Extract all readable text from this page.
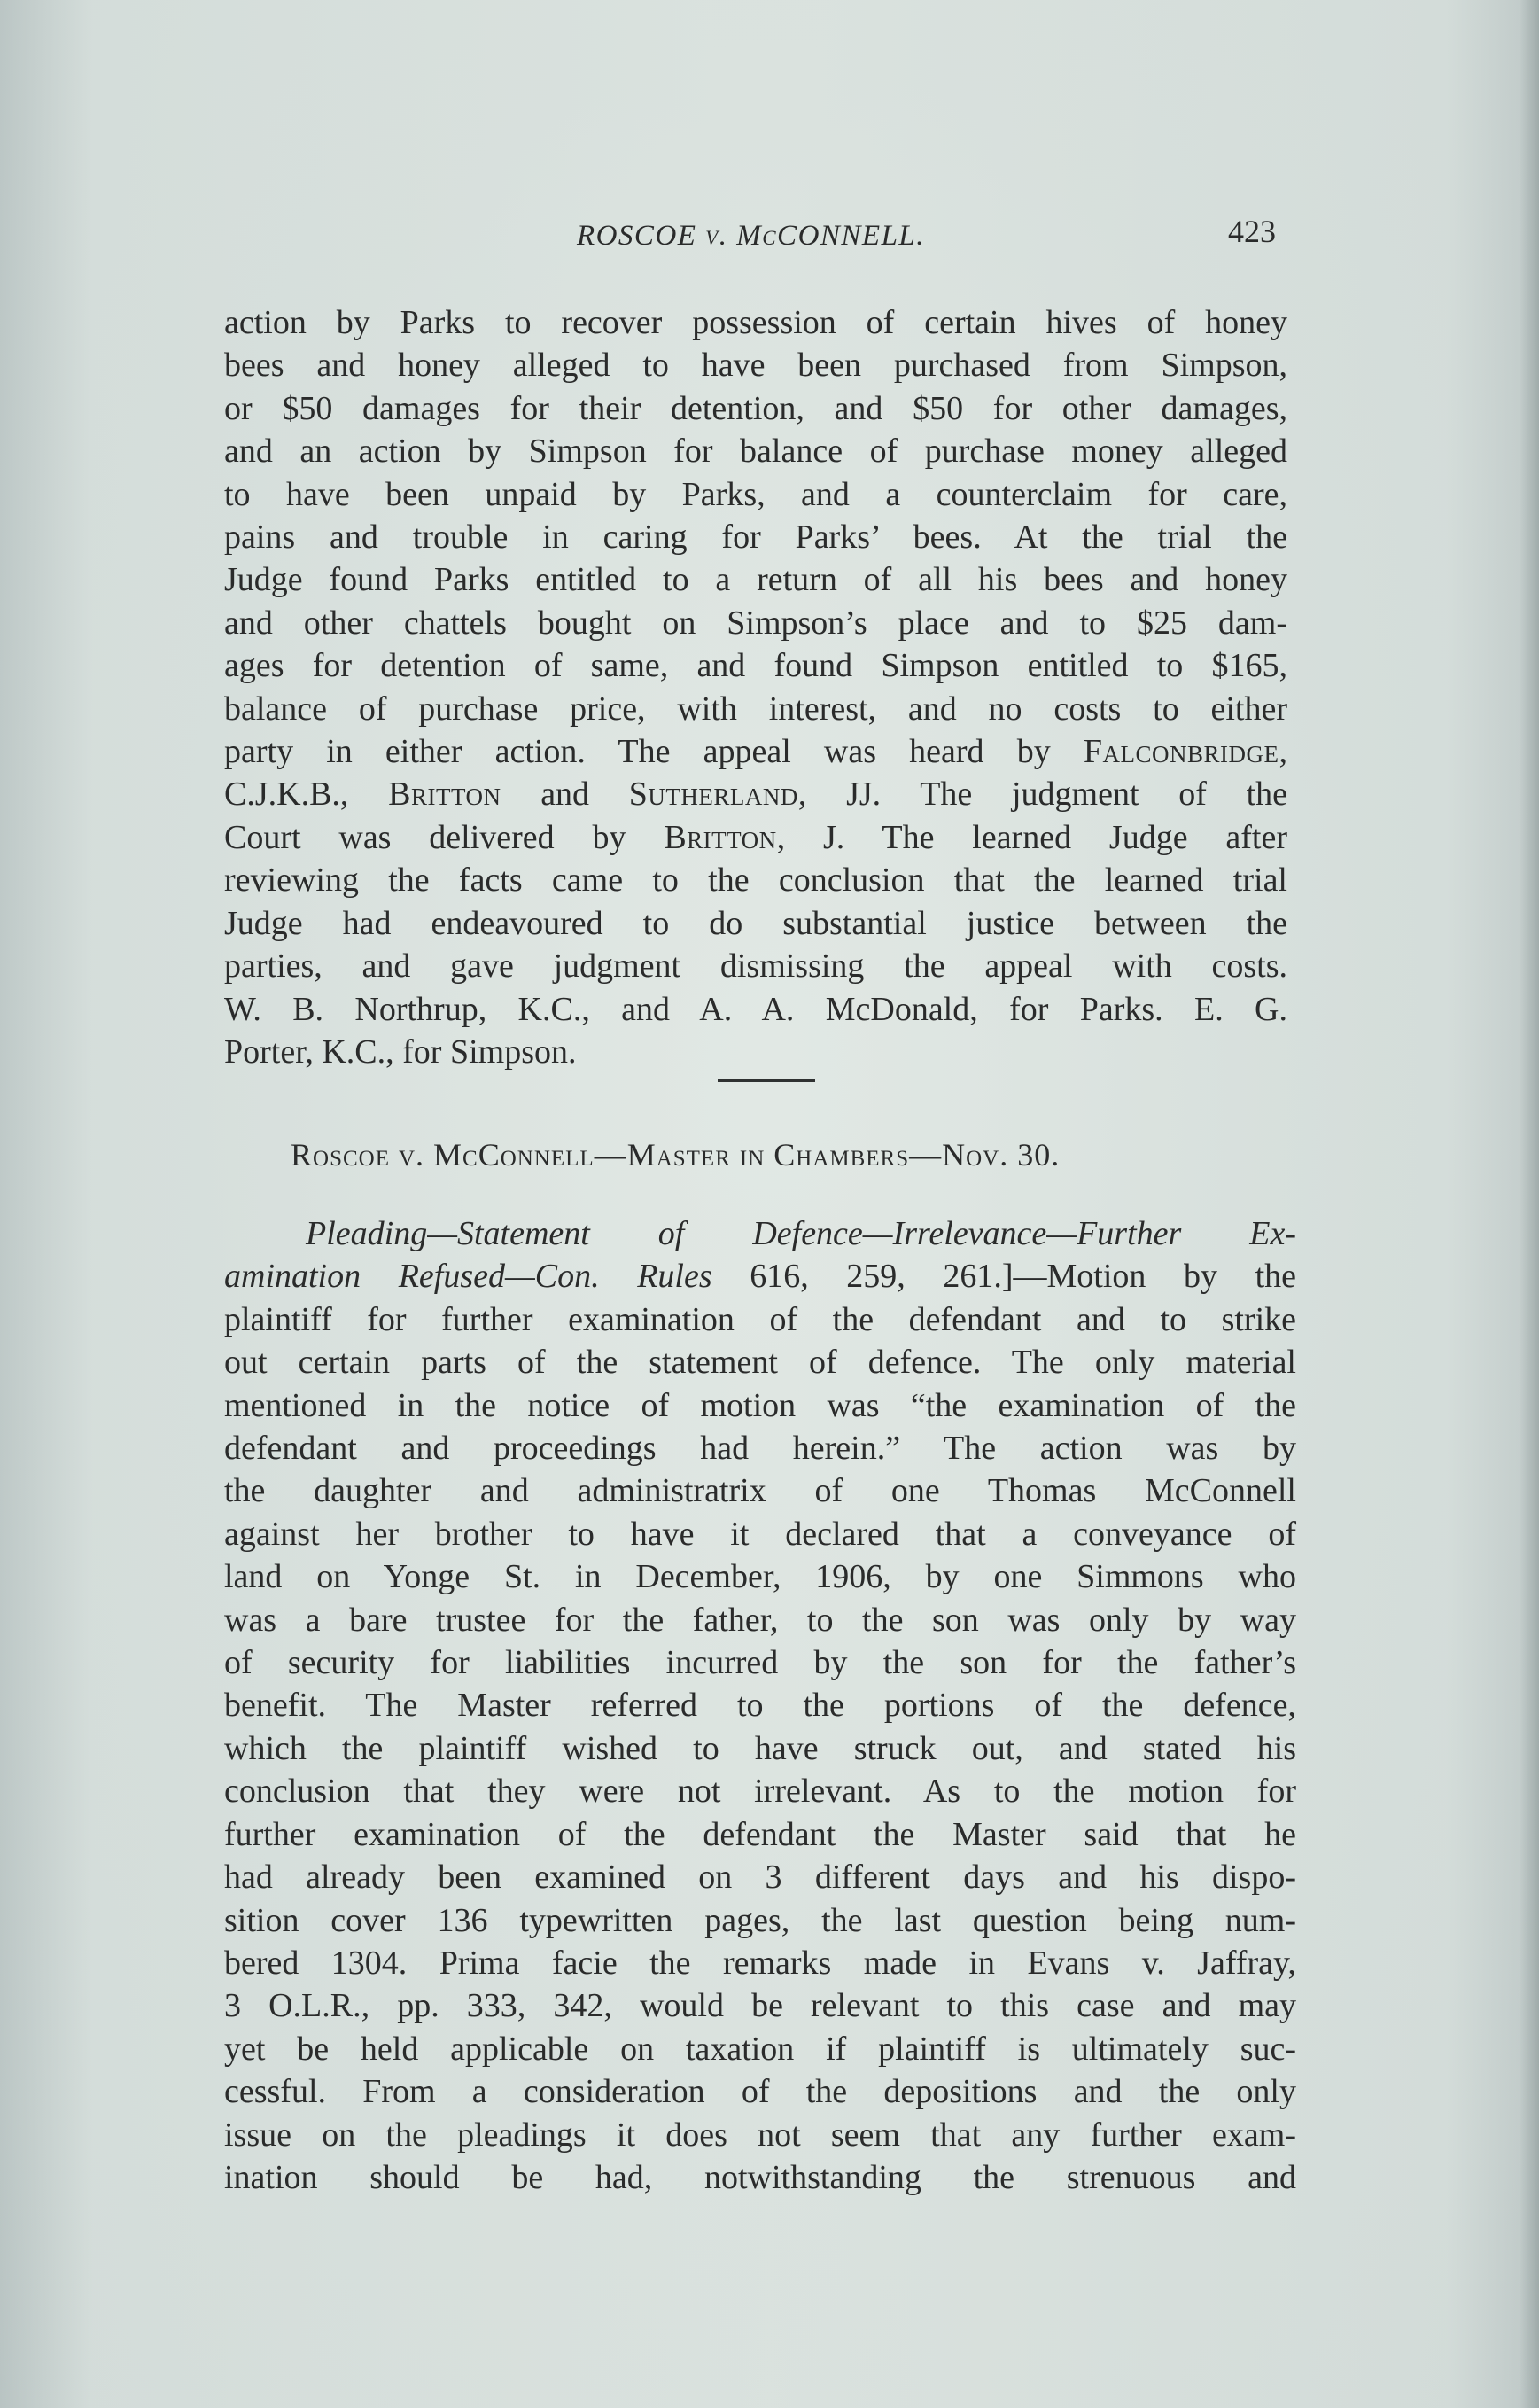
ROSCOE v. McCONNELL.	423
action by Parks to recover possession of certain hives of honey
bees and honey alleged to have been purchased from Simpson,
or $50 damages for their detention, and $50 for other damages,
and an action by Simpson for balance of purchase money alleged
to have been unpaid by Parks, and a counterclaim for care,
pains and trouble in caring for Parks’ bees. At the trial the
Judge found Parks entitled to a return of all his bees and honey
and other chattels bought on Simpson’s place and to $25 dam-
ages for detention of same, and found Simpson entitled to $165,
balance of purchase price, with interest, and no costs to either
party in either action. The appeal was heard by Falconbridge,
C.J.K.B., Britton and Sutherland, JJ. The judgment of the
Court was delivered by Britton, J. The learned Judge after
reviewing the facts came to the conclusion that the learned trial
Judge had endeavoured to do substantial justice between the
parties, and gave judgment dismissing the appeal with costs.
W. B. Northrup, K.C., and A. A. McDonald, for Parks. E. G.
Porter, K.C., for Simpson.
Roscoe v. McConnell—Master in Chambers—Nov. 30.
Pleading—Statement of Defence—Irrelevance—Further Ex-
amination Refused—Con. Rules 616, 259, 261.]—Motion by the
plaintiff for further examination of the defendant and to strike
out certain parts of the statement of defence. The only material
mentioned in the notice of motion was “the examination of the
defendant and proceedings had herein.” The action was by
the daughter and administratrix of one Thomas McConnell
against her brother to have it declared that a conveyance of
land on Yonge St. in December, 1906, by one Simmons who
was a bare trustee for the father, to the son was only by way
of security for liabilities incurred by the son for the father’s
benefit. The Master referred to the portions of the defence,
which the plaintiff wished to have struck out, and stated his
conclusion that they were not irrelevant. As to the motion for
further examination of the defendant the Master said that he
had already been examined on 3 different days and his dispo-
sition cover 136 typewritten pages, the last question being num-
bered 1304. Prima facie the remarks made in Evans v. Jaffray,
3 O.L.R., pp. 333, 342, would be relevant to this case and may
yet be held applicable on taxation if plaintiff is ultimately suc-
cessful. From a consideration of the depositions and the only
issue on the pleadings it does not seem that any further exam-
ination should be had, notwithstanding the strenuous and
